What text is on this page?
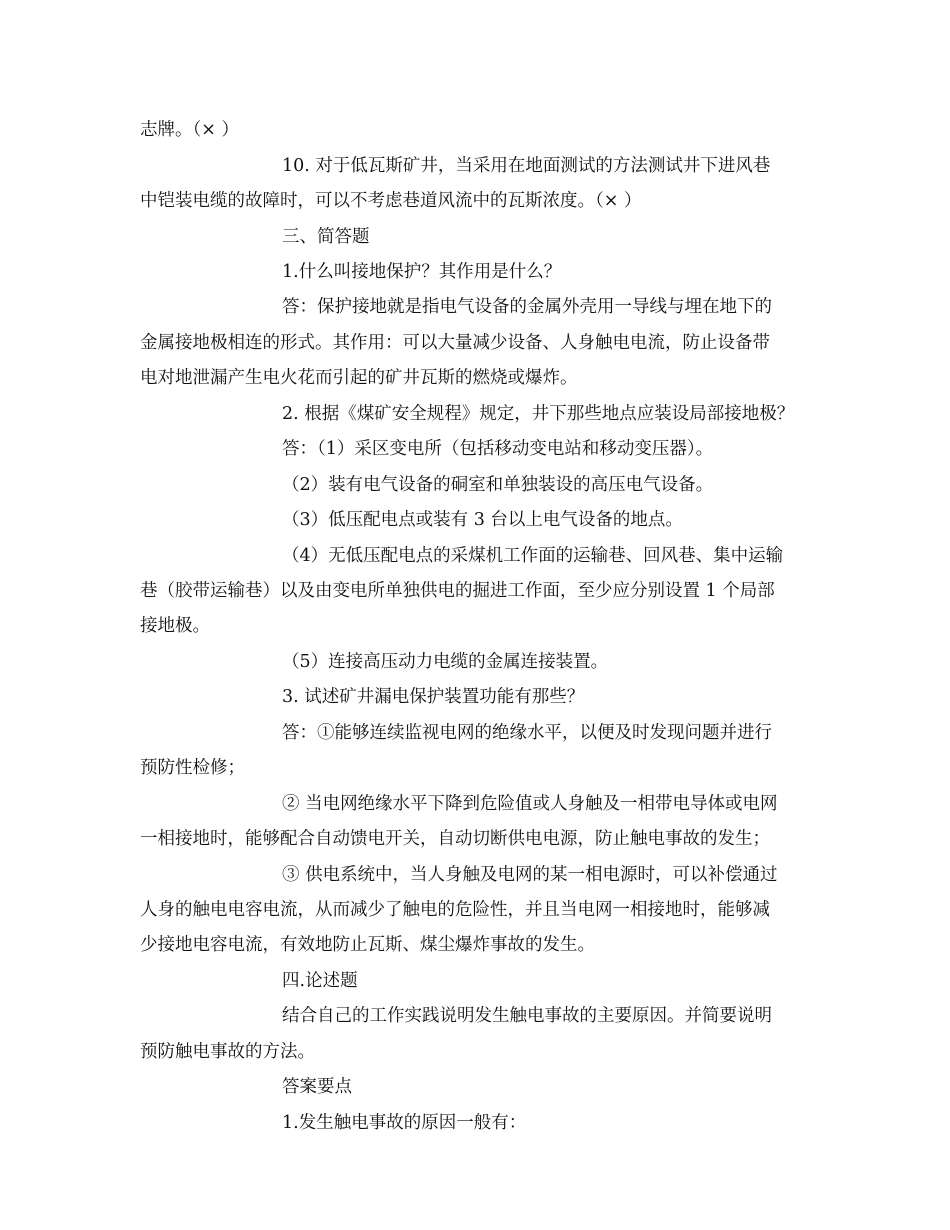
志牌。（× ）
10. 对于低瓦斯矿井，当采用在地面测试的方法测试井下进风巷
中铠装电缆的故障时，可以不考虑巷道风流中的瓦斯浓度。（× ）
三、简答题
1.什么叫接地保护？其作用是什么？
答：保护接地就是指电气设备的金属外壳用一导线与埋在地下的
金属接地极相连的形式。其作用：可以大量减少设备、人身触电电流，防止设备带
电对地泄漏产生电火花而引起的矿井瓦斯的燃烧或爆炸。
2. 根据《煤矿安全规程》规定，井下那些地点应装设局部接地极？
答：（1）采区变电所（包括移动变电站和移动变压器）。
（2）装有电气设备的硐室和单独装设的高压电气设备。
（3）低压配电点或装有 3 台以上电气设备的地点。
（4）无低压配电点的采煤机工作面的运输巷、回风巷、集中运输
巷（胶带运输巷）以及由变电所单独供电的掘进工作面，至少应分别设置 1 个局部
接地极。
（5）连接高压动力电缆的金属连接装置。
3. 试述矿井漏电保护装置功能有那些？
答：①能够连续监视电网的绝缘水平，以便及时发现问题并进行
预防性检修；
② 当电网绝缘水平下降到危险值或人身触及一相带电导体或电网
一相接地时，能够配合自动馈电开关，自动切断供电电源，防止触电事故的发生；
③ 供电系统中，当人身触及电网的某一相电源时，可以补偿通过
人身的触电电容电流，从而减少了触电的危险性，并且当电网一相接地时，能够减
少接地电容电流，有效地防止瓦斯、煤尘爆炸事故的发生。
四.论述题
结合自己的工作实践说明发生触电事故的主要原因。并简要说明
预防触电事故的方法。
答案要点
1.发生触电事故的原因一般有：
